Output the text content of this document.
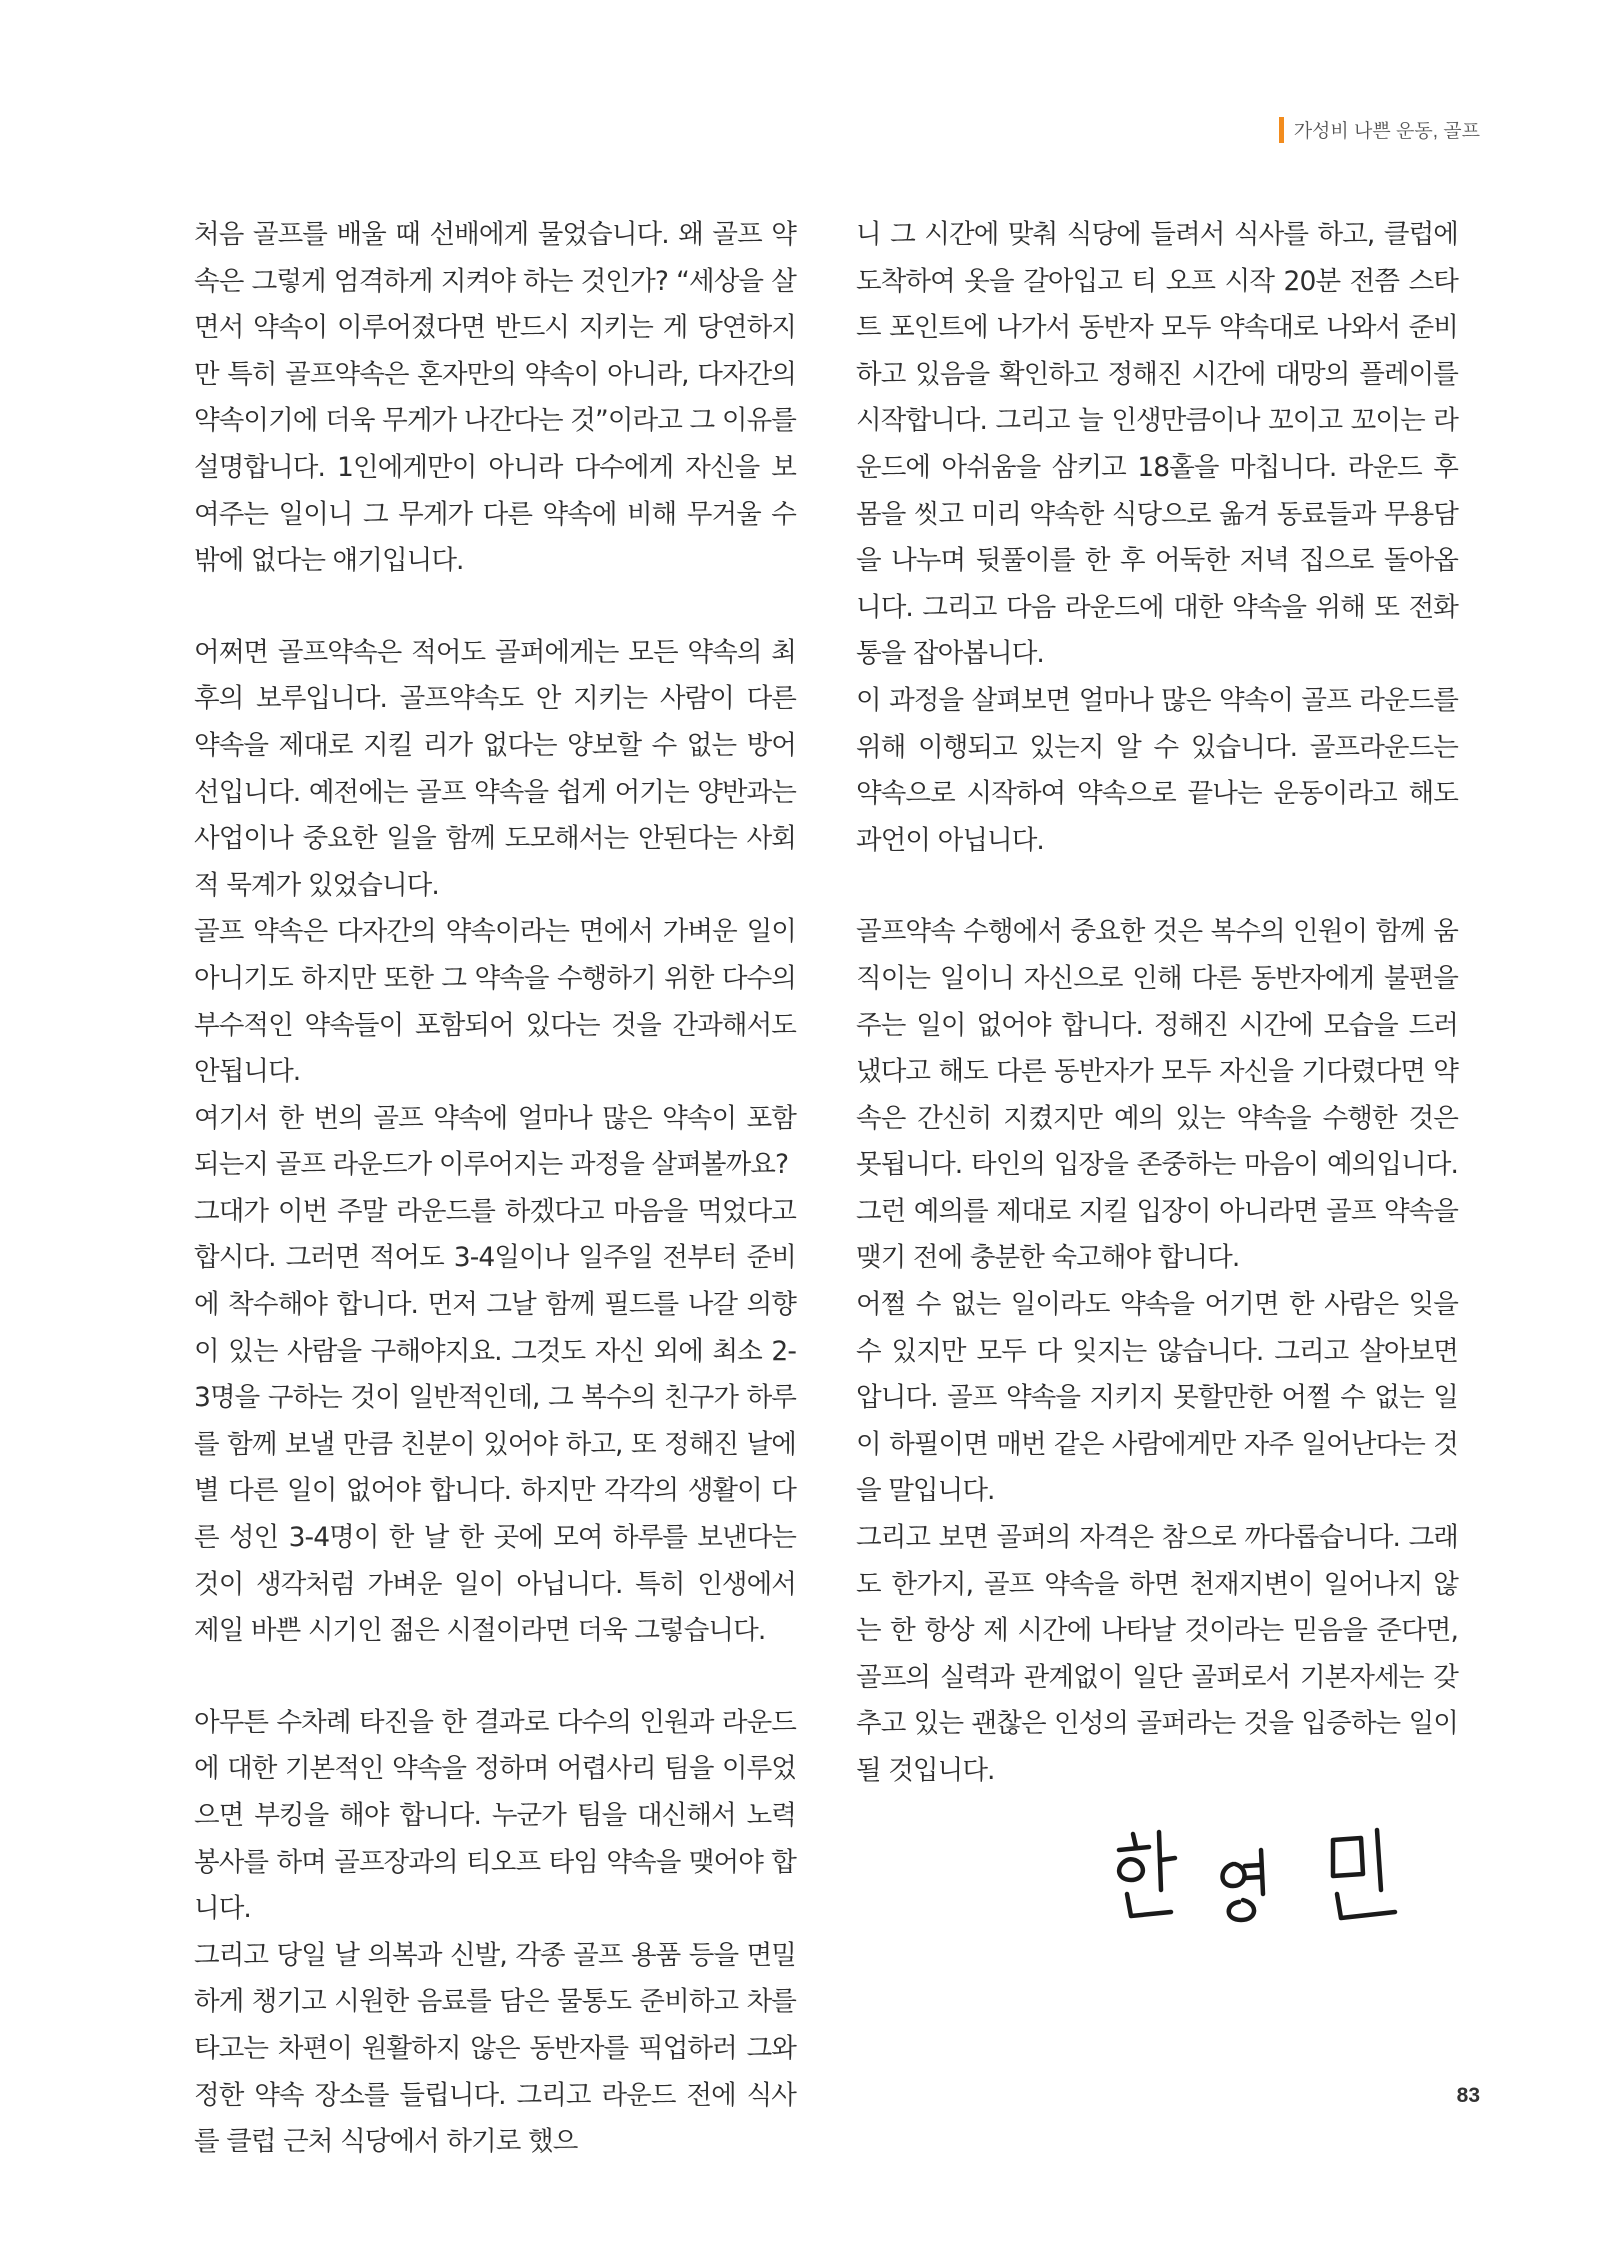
가성비 나쁜 운동, 골프

처음 골프를 배울 때 선배에게 물었습니다. 왜 골프 약속은 그렇게 엄격하게 지켜야 하는 것인가? “세상을 살면서 약속이 이루어졌다면 반드시 지키는 게 당연하지만 특히 골프약속은 혼자만의 약속이 아니라, 다자간의 약속이기에 더욱 무게가 나간다는 것”이라고 그 이유를 설명합니다. 1인에게만이 아니라 다수에게 자신을 보여주는 일이니 그 무게가 다른 약속에 비해 무거울 수밖에 없다는 얘기입니다.

어쩌면 골프약속은 적어도 골퍼에게는 모든 약속의 최후의 보루입니다. 골프약속도 안 지키는 사람이 다른 약속을 제대로 지킬 리가 없다는 양보할 수 없는 방어선입니다. 예전에는 골프 약속을 쉽게 어기는 양반과는 사업이나 중요한 일을 함께 도모해서는 안된다는 사회적 묵계가 있었습니다.

골프 약속은 다자간의 약속이라는 면에서 가벼운 일이 아니기도 하지만 또한 그 약속을 수행하기 위한 다수의 부수적인 약속들이 포함되어 있다는 것을 간과해서도 안됩니다.

여기서 한 번의 골프 약속에 얼마나 많은 약속이 포함되는지 골프 라운드가 이루어지는 과정을 살펴볼까요?

그대가 이번 주말 라운드를 하겠다고 마음을 먹었다고 합시다. 그러면 적어도 3-4일이나 일주일 전부터 준비에 착수해야 합니다. 먼저 그날 함께 필드를 나갈 의향이 있는 사람을 구해야지요. 그것도 자신 외에 최소 2-3명을 구하는 것이 일반적인데, 그 복수의 친구가 하루를 함께 보낼 만큼 친분이 있어야 하고, 또 정해진 날에 별 다른 일이 없어야 합니다. 하지만 각각의 생활이 다른 성인 3-4명이 한 날 한 곳에 모여 하루를 보낸다는 것이 생각처럼 가벼운 일이 아닙니다. 특히 인생에서 제일 바쁜 시기인 젊은 시절이라면 더욱 그렇습니다.

아무튼 수차례 타진을 한 결과로 다수의 인원과 라운드에 대한 기본적인 약속을 정하며 어렵사리 팀을 이루었으면 부킹을 해야 합니다. 누군가 팀을 대신해서 노력 봉사를 하며 골프장과의 티오프 타임 약속을 맺어야 합니다.

그리고 당일 날 의복과 신발, 각종 골프 용품 등을 면밀하게 챙기고 시원한 음료를 담은 물통도 준비하고 차를 타고는 차편이 원활하지 않은 동반자를 픽업하러 그와 정한 약속 장소를 들립니다. 그리고 라운드 전에 식사를 클럽 근처 식당에서 하기로 했으

니 그 시간에 맞춰 식당에 들려서 식사를 하고, 클럽에 도착하여 옷을 갈아입고 티 오프 시작 20분 전쯤 스타트 포인트에 나가서 동반자 모두 약속대로 나와서 준비하고 있음을 확인하고 정해진 시간에 대망의 플레이를 시작합니다. 그리고 늘 인생만큼이나 꼬이고 꼬이는 라운드에 아쉬움을 삼키고 18홀을 마칩니다. 라운드 후 몸을 씻고 미리 약속한 식당으로 옮겨 동료들과 무용담을 나누며 뒷풀이를 한 후 어둑한 저녁 집으로 돌아옵니다. 그리고 다음 라운드에 대한 약속을 위해 또 전화통을 잡아봅니다.

이 과정을 살펴보면 얼마나 많은 약속이 골프 라운드를 위해 이행되고 있는지 알 수 있습니다. 골프라운드는 약속으로 시작하여 약속으로 끝나는 운동이라고 해도 과언이 아닙니다.

골프약속 수행에서 중요한 것은 복수의 인원이 함께 움직이는 일이니 자신으로 인해 다른 동반자에게 불편을 주는 일이 없어야 합니다. 정해진 시간에 모습을 드러냈다고 해도 다른 동반자가 모두 자신을 기다렸다면 약속은 간신히 지켰지만 예의 있는 약속을 수행한 것은 못됩니다. 타인의 입장을 존중하는 마음이 예의입니다. 그런 예의를 제대로 지킬 입장이 아니라면 골프 약속을 맺기 전에 충분한 숙고해야 합니다.

어쩔 수 없는 일이라도 약속을 어기면 한 사람은 잊을 수 있지만 모두 다 잊지는 않습니다. 그리고 살아보면 압니다. 골프 약속을 지키지 못할만한 어쩔 수 없는 일이 하필이면 매번 같은 사람에게만 자주 일어난다는 것을 말입니다.

그리고 보면 골퍼의 자격은 참으로 까다롭습니다. 그래도 한가지, 골프 약속을 하면 천재지변이 일어나지 않는 한 항상 제 시간에 나타날 것이라는 믿음을 준다면, 골프의 실력과 관계없이 일단 골퍼로서 기본자세는 갖추고 있는 괜찮은 인성의 골퍼라는 것을 입증하는 일이 될 것입니다.

83
